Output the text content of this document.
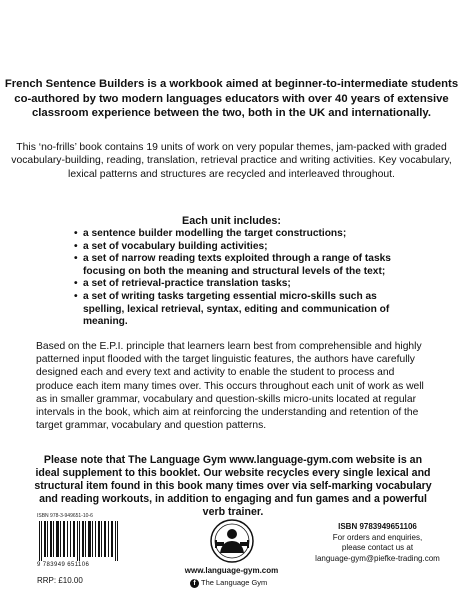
French Sentence Builders is a workbook aimed at beginner-to-intermediate students co-authored by two modern languages educators with over 40 years of extensive classroom experience between the two, both in the UK and internationally.
This ‘no-frills’ book contains 19 units of work on very popular themes, jam-packed with graded vocabulary-building, reading, translation, retrieval practice and writing activities. Key vocabulary, lexical patterns and structures are recycled and interleaved throughout.
Each unit includes:
• a sentence builder modelling the target constructions;
• a set of vocabulary building activities;
• a set of narrow reading texts exploited through a range of tasks focusing on both the meaning and structural levels of the text;
• a set of retrieval-practice translation tasks;
• a set of writing tasks targeting essential micro-skills such as spelling, lexical retrieval, syntax, editing and communication of meaning.
Based on the E.P.I. principle that learners learn best from comprehensible and highly patterned input flooded with the target linguistic features, the authors have carefully designed each and every text and activity to enable the student to process and produce each item many times over. This occurs throughout each unit of work as well as in smaller grammar, vocabulary and question-skills micro-units located at regular intervals in the book, which aim at reinforcing the understanding and retention of the target grammar, vocabulary and question patterns.
Please note that The Language Gym www.language-gym.com website is an ideal supplement to this booklet. Our website recycles every single lexical and structural item found in this book many times over via self-marking vocabulary and reading workouts, in addition to engaging and fun games and a powerful verb trainer.
ISBN 978-3-949651-10-6
9 783949 651106
RRP: £10.00
www.language-gym.com
f The Language Gym
ISBN 9783949651106
For orders and enquiries,
please contact us at
language-gym@piefke-trading.com
